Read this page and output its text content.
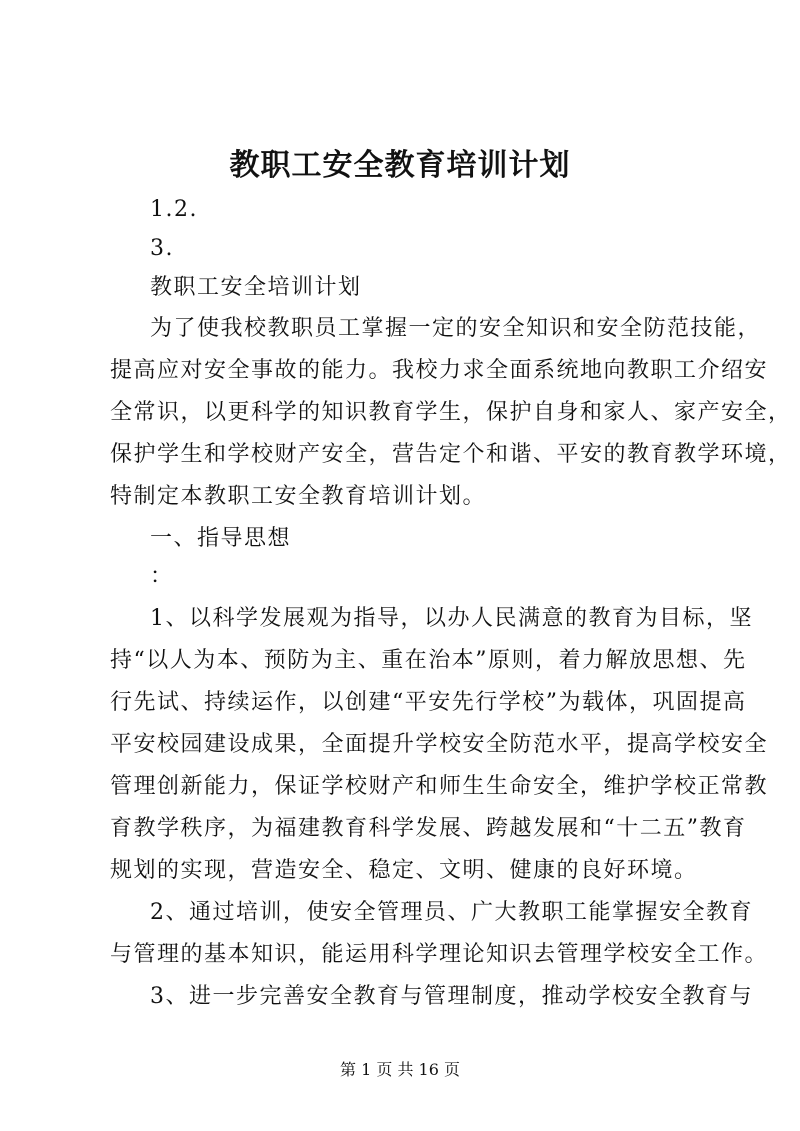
教职工安全教育培训计划
1.2.
3.
教职工安全培训计划
为了使我校教职员工掌握一定的安全知识和安全防范技能，
提高应对安全事故的能力。我校力求全面系统地向教职工介绍安
全常识，以更科学的知识教育学生，保护自身和家人、家产安全，
保护学生和学校财产安全，营告定个和谐、平安的教育教学环境，
特制定本教职工安全教育培训计划。
一、指导思想
：
1、以科学发展观为指导，以办人民满意的教育为目标，坚
持“以人为本、预防为主、重在治本”原则，着力解放思想、先
行先试、持续运作，以创建“平安先行学校”为载体，巩固提高
平安校园建设成果，全面提升学校安全防范水平，提高学校安全
管理创新能力，保证学校财产和师生生命安全，维护学校正常教
育教学秩序，为福建教育科学发展、跨越发展和“十二五”教育
规划的实现，营造安全、稳定、文明、健康的良好环境。
2、通过培训，使安全管理员、广大教职工能掌握安全教育
与管理的基本知识，能运用科学理论知识去管理学校安全工作。
3、进一步完善安全教育与管理制度，推动学校安全教育与
第 1 页 共 16 页
